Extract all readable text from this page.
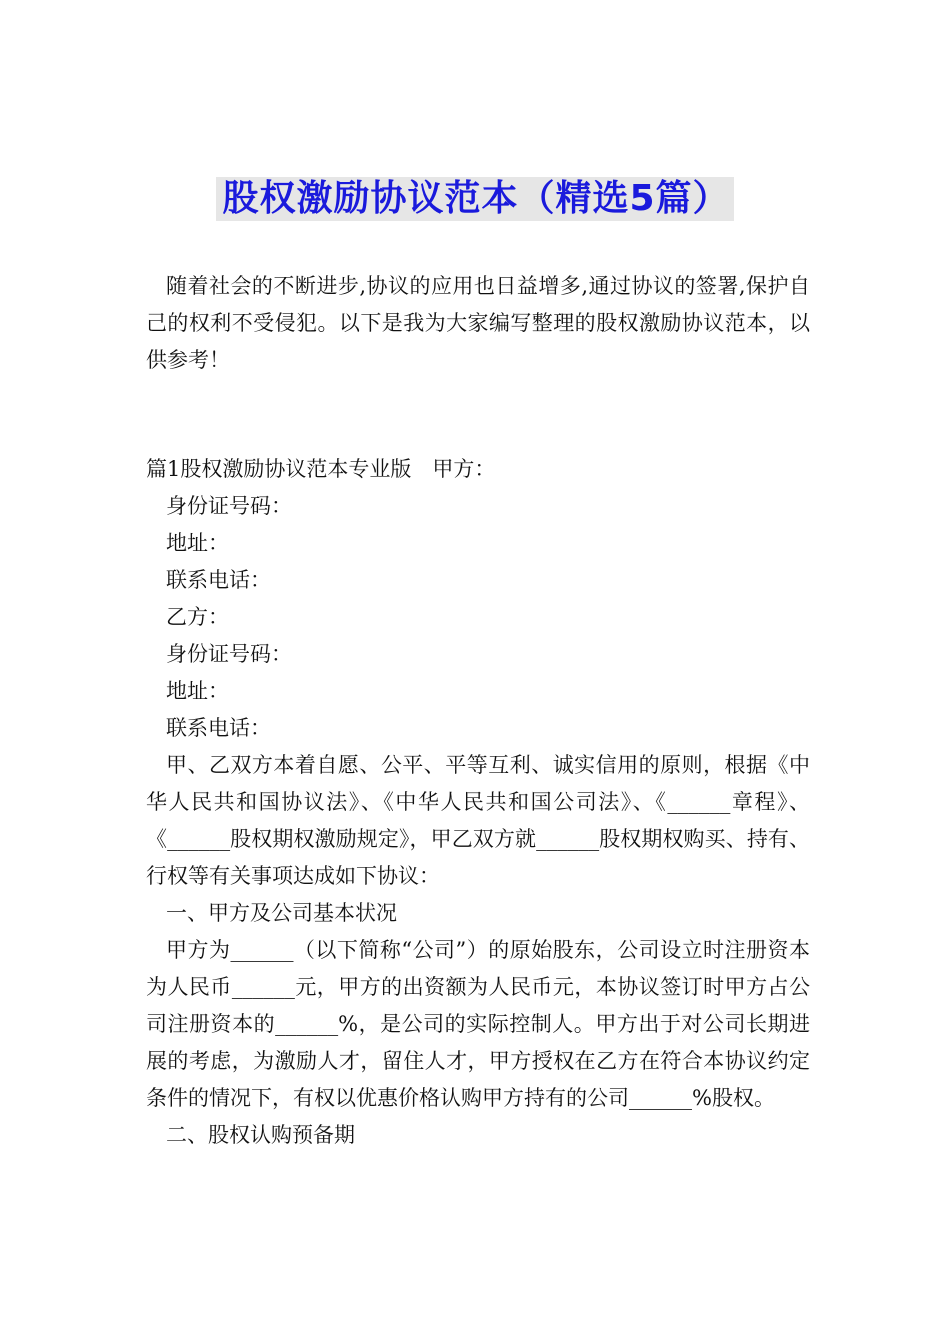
股权激励协议范本（精选5篇）
随着社会的不断进步,协议的应用也日益增多,通过协议的签署,保护自己的权利不受侵犯。以下是我为大家编写整理的股权激励协议范本，以供参考！

篇1股权激励协议范本专业版　甲方：

身份证号码：

地址：

联系电话：

乙方：

身份证号码：

地址：

联系电话：

甲、乙双方本着自愿、公平、平等互利、诚实信用的原则，根据《中华人民共和国协议法》、《中华人民共和国公司法》、《______章程》、《______股权期权激励规定》，甲乙双方就______股权期权购买、持有、行权等有关事项达成如下协议：

一、甲方及公司基本状况

甲方为______（以下简称“公司”）的原始股东，公司设立时注册资本为人民币______元，甲方的出资额为人民币元，本协议签订时甲方占公司注册资本的______%，是公司的实际控制人。甲方出于对公司长期进展的考虑，为激励人才，留住人才，甲方授权在乙方在符合本协议约定条件的情况下，有权以优惠价格认购甲方持有的公司______%股权。

二、股权认购预备期
